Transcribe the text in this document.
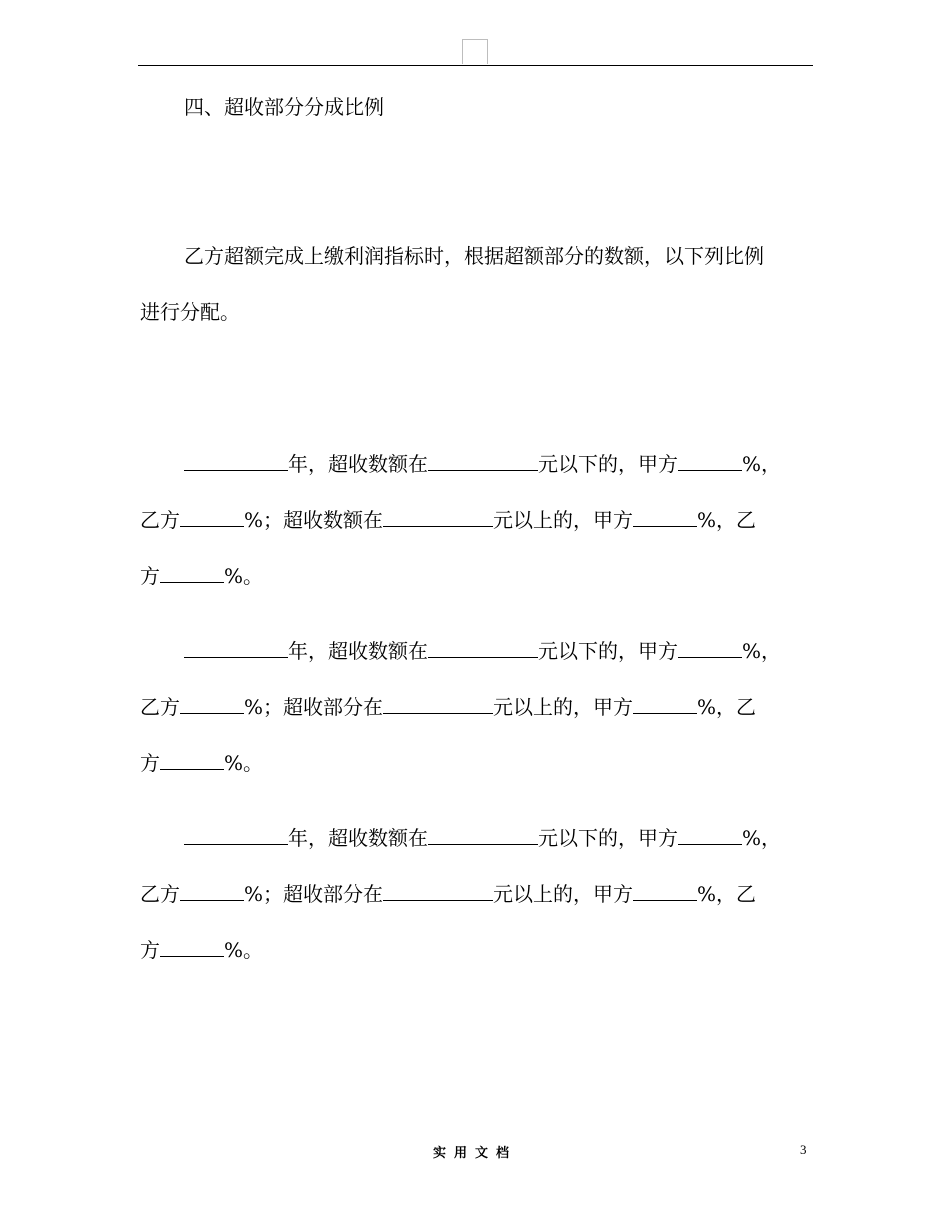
四、超收部分分成比例
乙方超额完成上缴利润指标时，根据超额部分的数额，以下列比例
进行分配。
年，超收数额在	元以下的，甲方	%，
乙方	%；超收数额在	元以上的，甲方	%，乙
方	%。
年，超收数额在	元以下的，甲方	%，
乙方	%；超收部分在	元以上的，甲方	%，乙
方	%。
年，超收数额在	元以下的，甲方	%，
乙方	%；超收部分在	元以上的，甲方	%，乙
方	%。
实用文档	3
